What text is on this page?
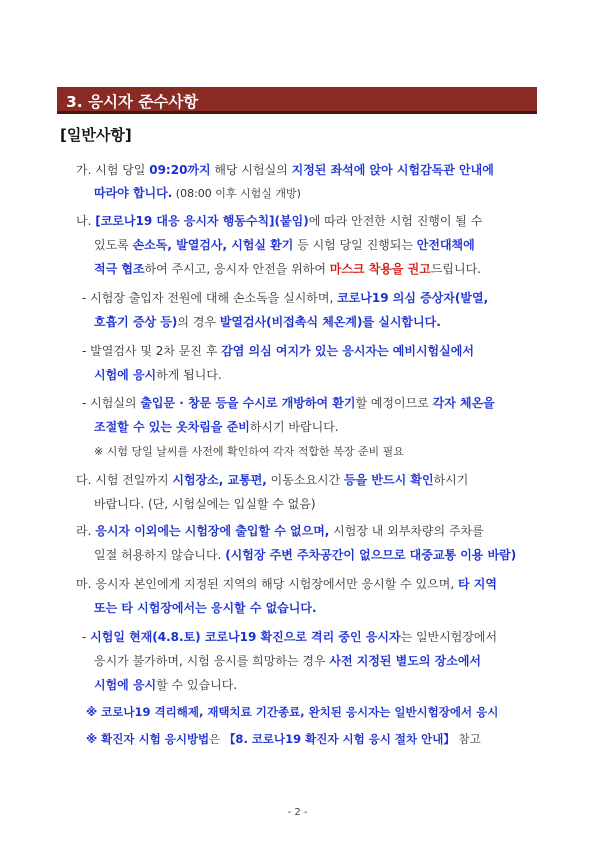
3. 응시자 준수사항
[일반사항]
가. 시험 당일 09:20까지 해당 시험실의 지정된 좌석에 앉아 시험감독관 안내에
따라야 합니다. (08:00 이후 시험실 개방)
나. [코로나19 대응 응시자 행동수칙](붙임)에 따라 안전한 시험 진행이 될 수
있도록 손소독, 발열검사, 시험실 환기 등 시험 당일 진행되는 안전대책에
적극 협조하여 주시고, 응시자 안전을 위하여 마스크 착용을 권고드립니다.
- 시험장 출입자 전원에 대해 손소독을 실시하며, 코로나19 의심 증상자(발열,
호흡기 증상 등)의 경우 발열검사(비접촉식 체온계)를 실시합니다.
- 발열검사 및 2차 문진 후 감염 의심 여지가 있는 응시자는 예비시험실에서
시험에 응시하게 됩니다.
- 시험실의 출입문 · 창문 등을 수시로 개방하여 환기할 예정이므로 각자 체온을
조절할 수 있는 옷차림을 준비하시기 바랍니다.
※ 시험 당일 날씨를 사전에 확인하여 각자 적합한 복장 준비 필요
다. 시험 전일까지 시험장소, 교통편, 이동소요시간 등을 반드시 확인하시기
바랍니다. (단, 시험실에는 입실할 수 없음)
라. 응시자 이외에는 시험장에 출입할 수 없으며, 시험장 내 외부차량의 주차를
일절 허용하지 않습니다. (시험장 주변 주차공간이 없으므로 대중교통 이용 바람)
마. 응시자 본인에게 지정된 지역의 해당 시험장에서만 응시할 수 있으며, 타 지역
또는 타 시험장에서는 응시할 수 없습니다.
- 시험일 현재(4.8.토) 코로나19 확진으로 격리 중인 응시자는 일반시험장에서
응시가 불가하며, 시험 응시를 희망하는 경우 사전 지정된 별도의 장소에서
시험에 응시할 수 있습니다.
※ 코로나19 격리해제, 재택치료 기간종료, 완치된 응시자는 일반시험장에서 응시
※ 확진자 시험 응시방법은 【8. 코로나19 확진자 시험 응시 절차 안내】 참고
- 2 -
